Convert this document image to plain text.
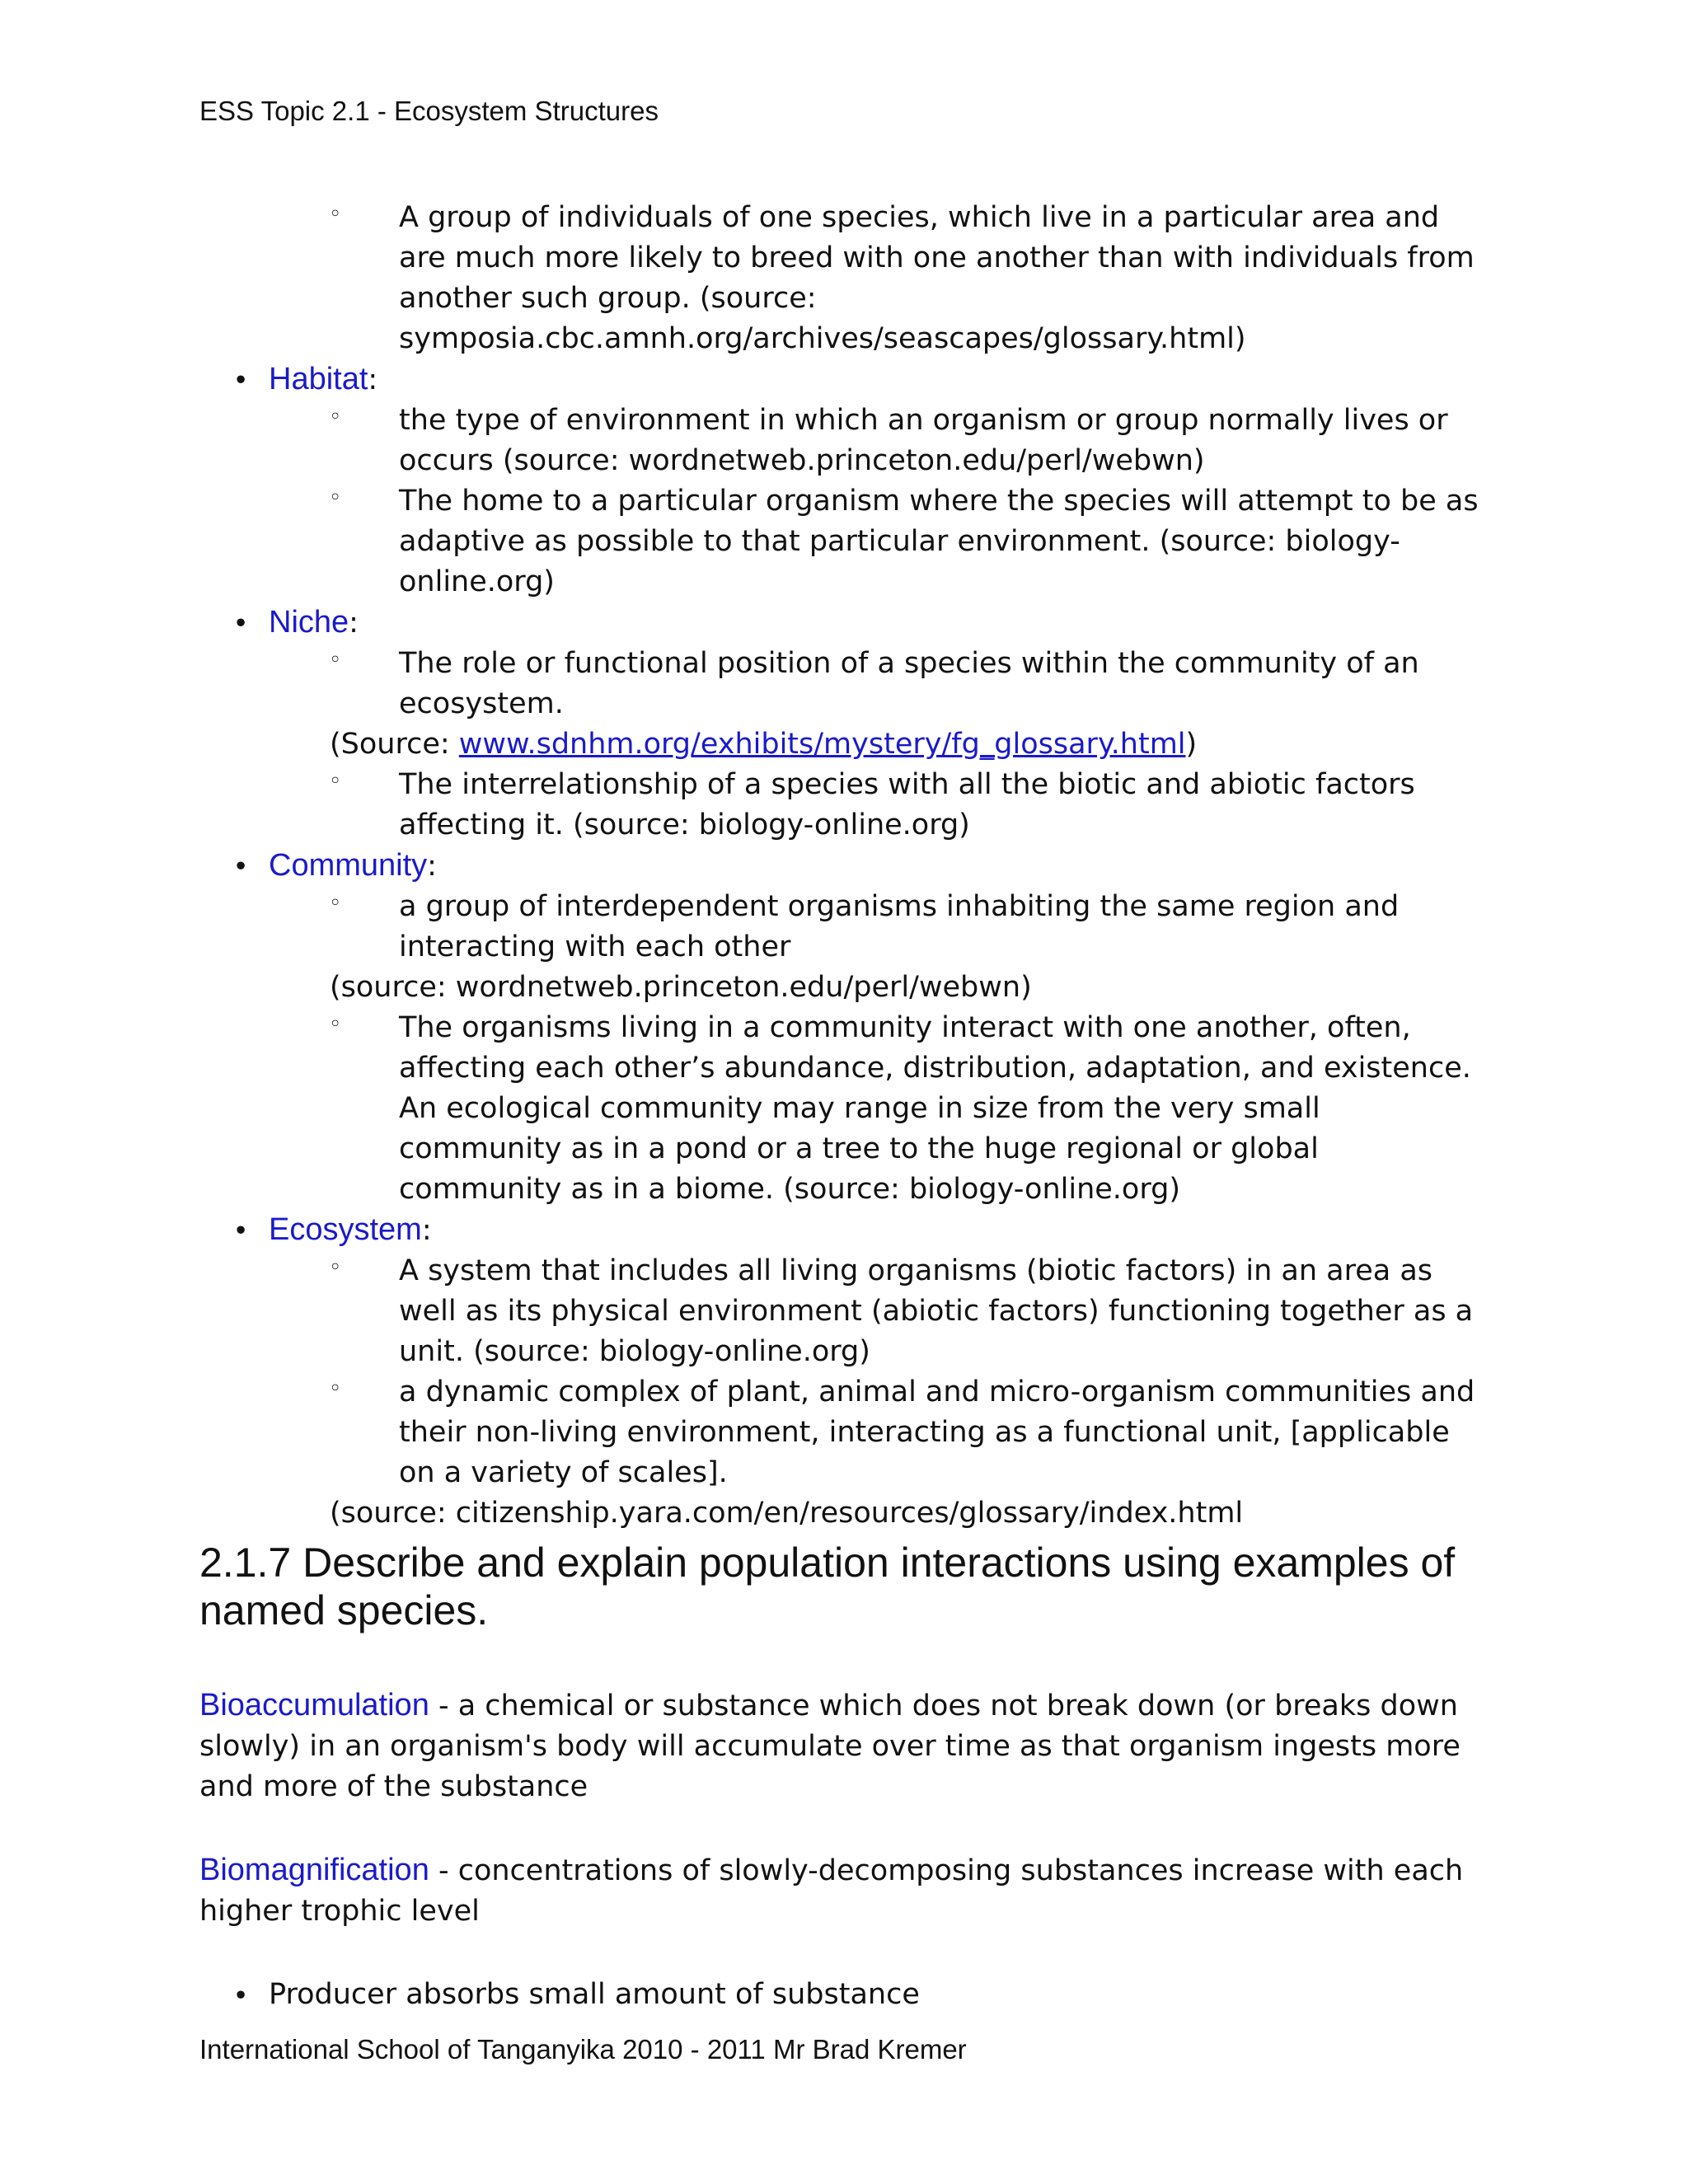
ESS Topic 2.1 - Ecosystem Structures
◦ A group of individuals of one species, which live in a particular area and are much more likely to breed with one another than with individuals from another such group. (source: symposia.cbc.amnh.org/archives/seascapes/glossary.html)
• Habitat:
◦ the type of environment in which an organism or group normally lives or occurs (source: wordnetweb.princeton.edu/perl/webwn)
◦ The home to a particular organism where the species will attempt to be as adaptive as possible to that particular environment. (source: biology-online.org)
• Niche:
◦ The role or functional position of a species within the community of an ecosystem.
(Source: www.sdnhm.org/exhibits/mystery/fg_glossary.html)
◦ The interrelationship of a species with all the biotic and abiotic factors affecting it. (source: biology-online.org)
• Community:
◦ a group of interdependent organisms inhabiting the same region and interacting with each other
(source: wordnetweb.princeton.edu/perl/webwn)
◦ The organisms living in a community interact with one another, often, affecting each other’s abundance, distribution, adaptation, and existence. An ecological community may range in size from the very small community as in a pond or a tree to the huge regional or global community as in a biome. (source: biology-online.org)
• Ecosystem:
◦ A system that includes all living organisms (biotic factors) in an area as well as its physical environment (abiotic factors) functioning together as a unit. (source: biology-online.org)
◦ a dynamic complex of plant, animal and micro-organism communities and their non-living environment, interacting as a functional unit, [applicable on a variety of scales].
(source: citizenship.yara.com/en/resources/glossary/index.html
2.1.7 Describe and explain population interactions using examples of named species.

Bioaccumulation - a chemical or substance which does not break down (or breaks down slowly) in an organism's body will accumulate over time as that organism ingests more and more of the substance

Biomagnification - concentrations of slowly-decomposing substances increase with each higher trophic level

• Producer absorbs small amount of substance
International School of Tanganyika 2010 - 2011 Mr Brad Kremer
